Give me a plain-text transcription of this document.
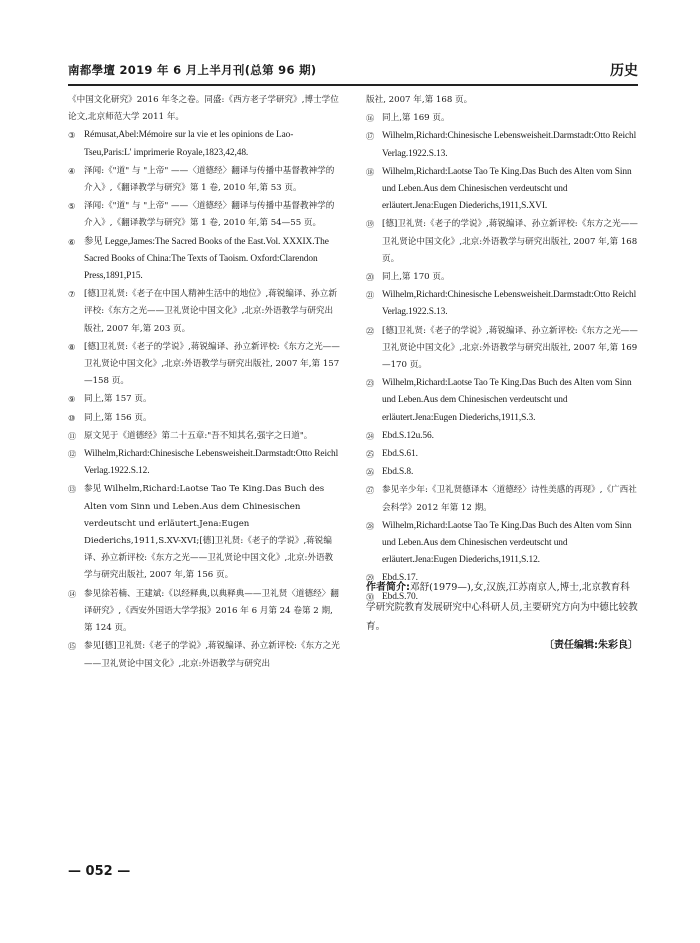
南都學壇 2019 年 6 月上半月刊(总第 96 期)	历史
《中国文化研究》2016 年冬之卷。同盛:《西方老子学研究》,博士学位论文,北京师范大学 2011 年。
③ Rémusat,Abel:Mémoire sur la vie et les opinions de Lao-Tseu,Paris:L' imprimerie Royale,1823,42,48.
④	泽闻:《"道" 与 "上帝" ——〈道德经〉翻译与传播中基督教神学的介入》,《翻译教学与研究》第 1 卷, 2010 年,第 53 页。
⑤	泽闻:《"道" 与 "上帝" ——〈道德经〉翻译与传播中基督教神学的介入》,《翻译教学与研究》第 1 卷, 2010 年,第 54—55 页。
⑥ 参见 Legge,James:The Sacred Books of the East.Vol. XXXIX.The Sacred Books of China:The Texts of Taoism. Oxford:Clarendon Press,1891,P15.
⑦	[德]卫礼贤:《老子在中国人精神生活中的地位》,蒋锐编译、孙立新评校:《东方之光——卫礼贤论中国文化》,北京:外语教学与研究出版社, 2007 年,第 203 页。
⑧	[德]卫礼贤:《老子的学说》,蒋锐编译、孙立新评校:《东方之光——卫礼贤论中国文化》,北京:外语教学与研究出版社, 2007 年,第 157—158 页。
⑨	同上,第 157 页。
⑩	同上,第 156 页。
⑪ 原文见于《道德经》第二十五章:"吾不知其名,强字之曰道"。
⑫ Wilhelm,Richard:Chinesische Lebensweisheit.Darmstadt:Otto Reichl Verlag.1922.S.12.
⑬ 参见 Wilhelm,Richard:Laotse Tao Te King.Das Buch des Alten vom Sinn und Leben.Aus dem Chinesischen verdeutscht und erläutert.Jena:Eugen Diederichs,1911,S.XV-XVI;[德]卫礼贤:《老子的学说》,蒋锐编译、孙立新评校:《东方之光——卫礼贤论中国文化》,北京:外语教学与研究出版社, 2007 年,第 156 页。
⑭ 参见徐若楠、王建斌:《以经释典,以典释典——卫礼贤〈道德经〉翻译研究》,《西安外国语大学学报》2016 年 6 月第 24 卷第 2 期,第 124 页。
⑮ 参见[德]卫礼贤:《老子的学说》,蒋锐编译、孙立新评校:《东方之光——卫礼贤论中国文化》,北京:外语教学与研究出
版社, 2007 年,第 168 页。
⑯ 同上,第 169 页。
⑰ Wilhelm,Richard:Chinesische Lebensweisheit.Darmstadt:Otto Reichl Verlag.1922.S.13.
⑱ Wilhelm,Richard:Laotse Tao Te King.Das Buch des Alten vom Sinn und Leben.Aus dem Chinesischen verdeutscht und erläutert.Jena:Eugen Diederichs,1911,S.XVI.
⑲ [德]卫礼贤:《老子的学说》,蒋锐编译、孙立新评校:《东方之光——卫礼贤论中国文化》,北京:外语教学与研究出版社, 2007 年,第 168 页。
⑳ 同上,第 170 页。
㉑ Wilhelm,Richard:Chinesische Lebensweisheit.Darmstadt:Otto Reichl Verlag.1922.S.13.
㉒ [德]卫礼贤:《老子的学说》,蒋锐编译、孙立新评校:《东方之光——卫礼贤论中国文化》,北京:外语教学与研究出版社, 2007 年,第 169—170 页。
㉓ Wilhelm,Richard:Laotse Tao Te King.Das Buch des Alten vom Sinn und Leben.Aus dem Chinesischen verdeutscht und erläutert.Jena:Eugen Diederichs,1911,S.3.
㉔ Ebd.S.12u.56.
㉕ Ebd.S.61.
㉖ Ebd.S.8.
㉗ 参见辛少年:《卫礼贤德译本〈道德经〉诗性美感的再现》,《广西社会科学》2012 年第 12 期。
㉘ Wilhelm,Richard:Laotse Tao Te King.Das Buch des Alten vom Sinn und Leben.Aus dem Chinesischen verdeutscht und erläutert.Jena:Eugen Diederichs,1911,S.12.
㉙ Ebd.S.17.
㉚ Ebd.S.70.
作者简介:邓舒(1979—),女,汉族,江苏南京人,博士,北京教育科学研究院教育发展研究中心科研人员,主要研究方向为中德比较教育。
〔责任编辑:朱彩良〕
— 052 —
